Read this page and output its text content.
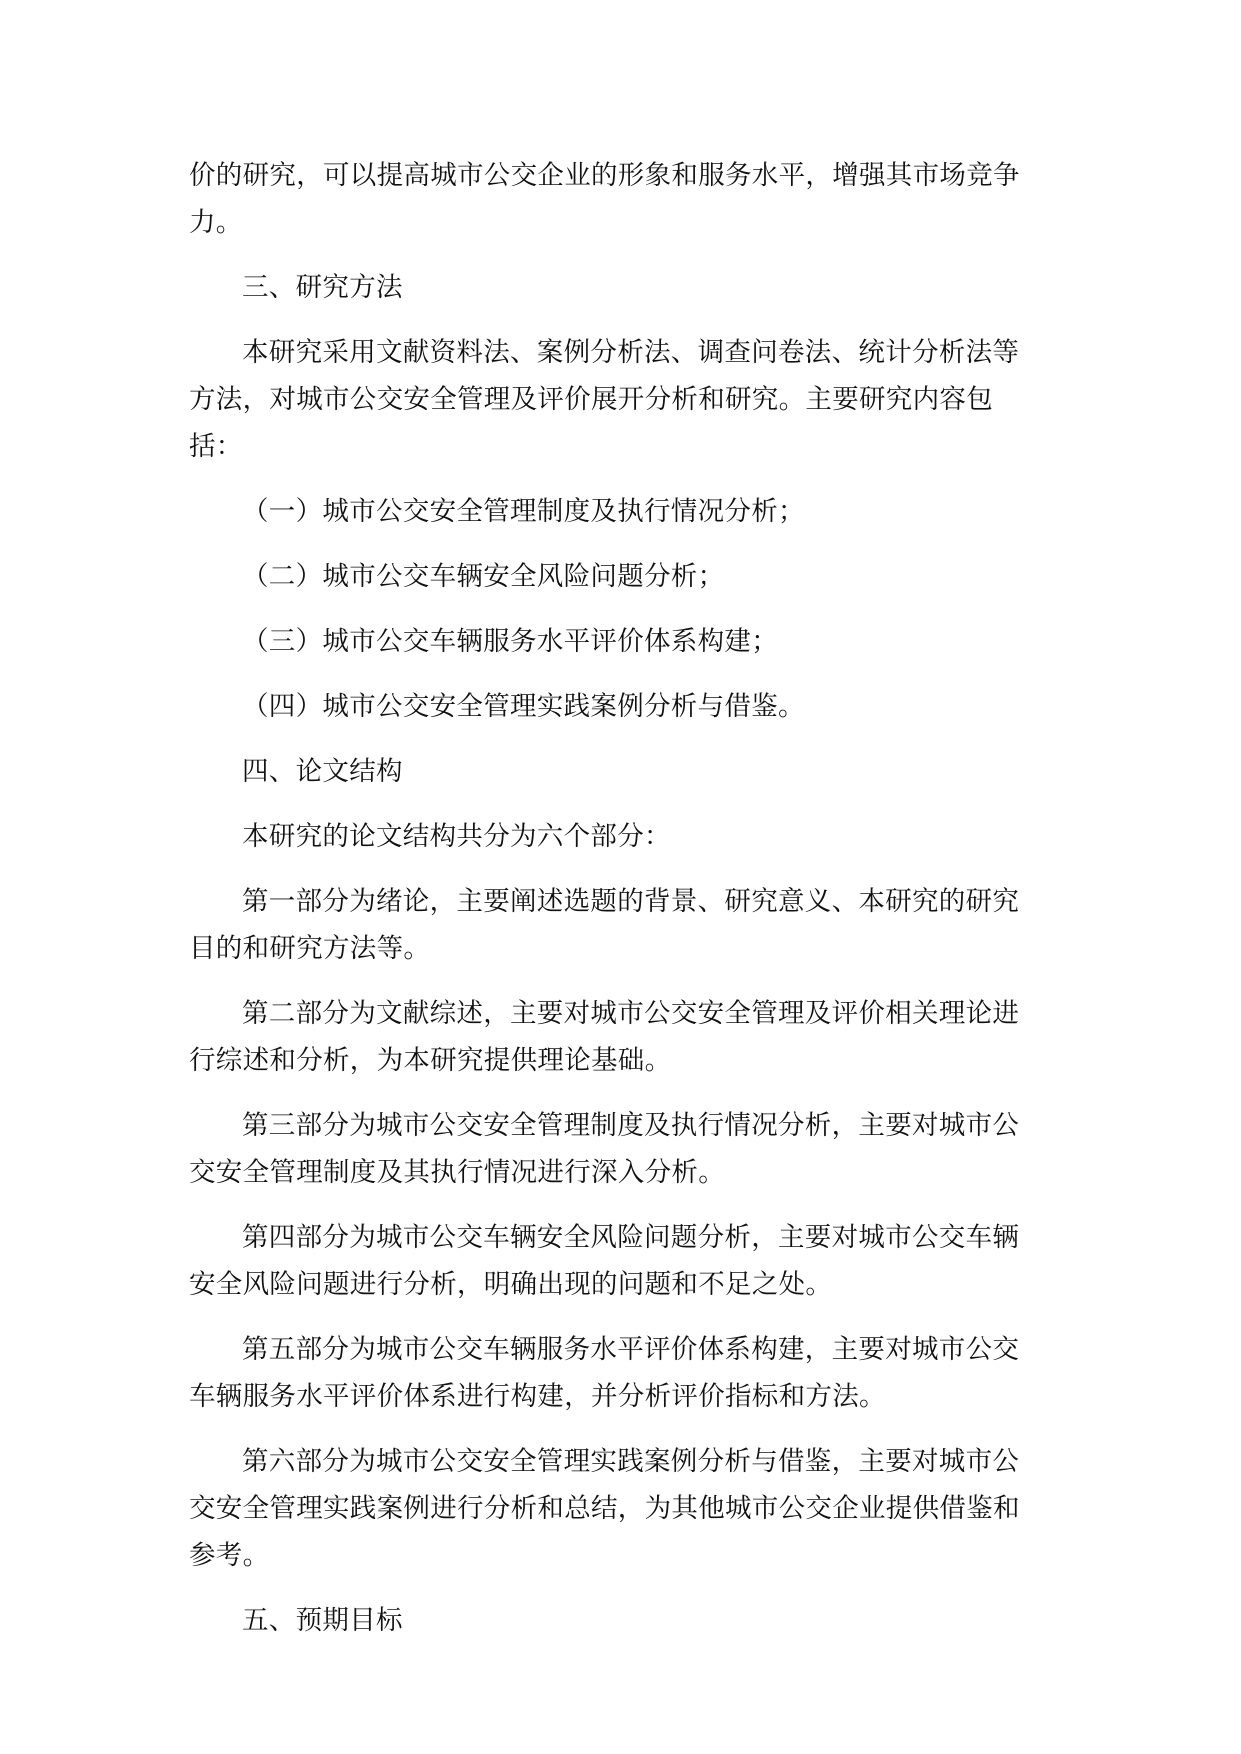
价的研究，可以提高城市公交企业的形象和服务水平，增强其市场竞争力。

三、研究方法

本研究采用文献资料法、案例分析法、调查问卷法、统计分析法等方法，对城市公交安全管理及评价展开分析和研究。主要研究内容包括：

（一）城市公交安全管理制度及执行情况分析；

（二）城市公交车辆安全风险问题分析；

（三）城市公交车辆服务水平评价体系构建；

（四）城市公交安全管理实践案例分析与借鉴。

四、论文结构

本研究的论文结构共分为六个部分：

第一部分为绪论，主要阐述选题的背景、研究意义、本研究的研究目的和研究方法等。

第二部分为文献综述，主要对城市公交安全管理及评价相关理论进行综述和分析，为本研究提供理论基础。

第三部分为城市公交安全管理制度及执行情况分析，主要对城市公交安全管理制度及其执行情况进行深入分析。

第四部分为城市公交车辆安全风险问题分析，主要对城市公交车辆安全风险问题进行分析，明确出现的问题和不足之处。

第五部分为城市公交车辆服务水平评价体系构建，主要对城市公交车辆服务水平评价体系进行构建，并分析评价指标和方法。

第六部分为城市公交安全管理实践案例分析与借鉴，主要对城市公交安全管理实践案例进行分析和总结，为其他城市公交企业提供借鉴和参考。

五、预期目标
